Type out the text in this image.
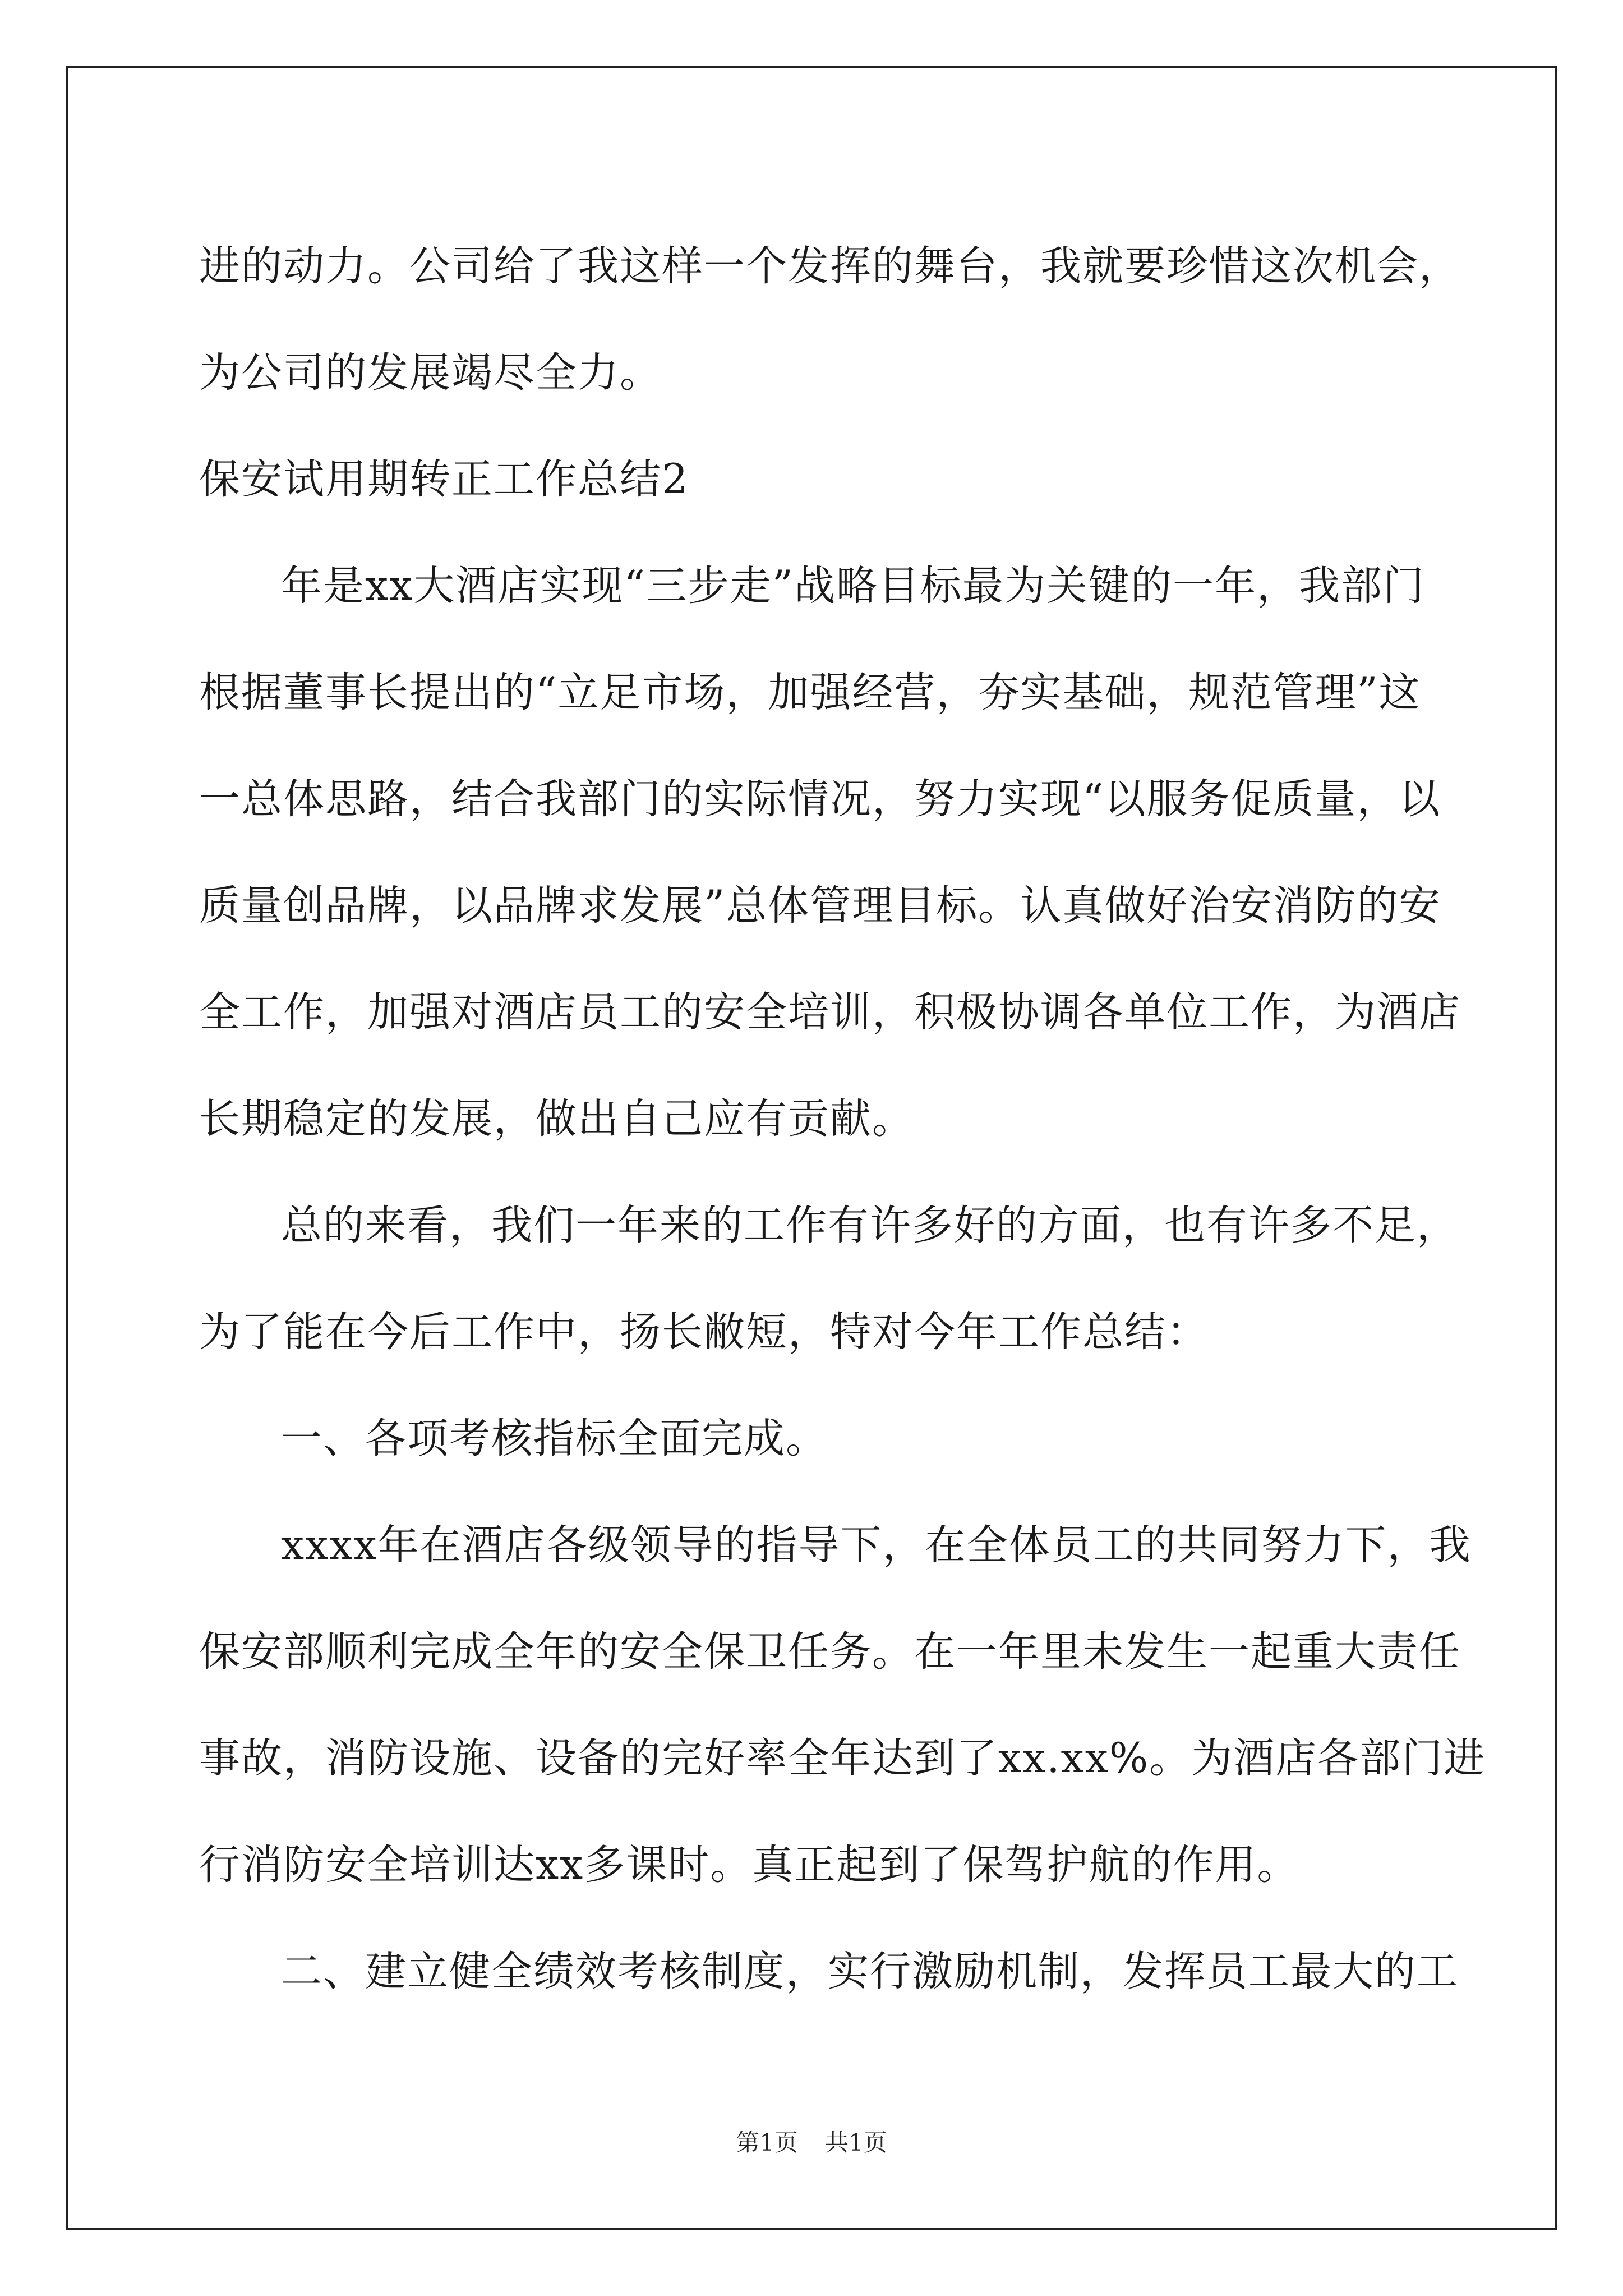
进的动力。公司给了我这样一个发挥的舞台，我就要珍惜这次机会，
为公司的发展竭尽全力。
保安试用期转正工作总结2
年是xx大酒店实现“三步走”战略目标最为关键的一年，我部门
根据董事长提出的“立足市场，加强经营，夯实基础，规范管理”这
一总体思路，结合我部门的实际情况，努力实现“以服务促质量，以
质量创品牌，以品牌求发展”总体管理目标。认真做好治安消防的安
全工作，加强对酒店员工的安全培训，积极协调各单位工作，为酒店
长期稳定的发展，做出自己应有贡献。
总的来看，我们一年来的工作有许多好的方面，也有许多不足，
为了能在今后工作中，扬长敝短，特对今年工作总结：
一、各项考核指标全面完成。
xxxx年在酒店各级领导的指导下，在全体员工的共同努力下，我
保安部顺利完成全年的安全保卫任务。在一年里未发生一起重大责任
事故，消防设施、设备的完好率全年达到了xx.xx%。为酒店各部门进
行消防安全培训达xx多课时。真正起到了保驾护航的作用。
二、建立健全绩效考核制度，实行激励机制，发挥员工最大的工
第1页 共1页
